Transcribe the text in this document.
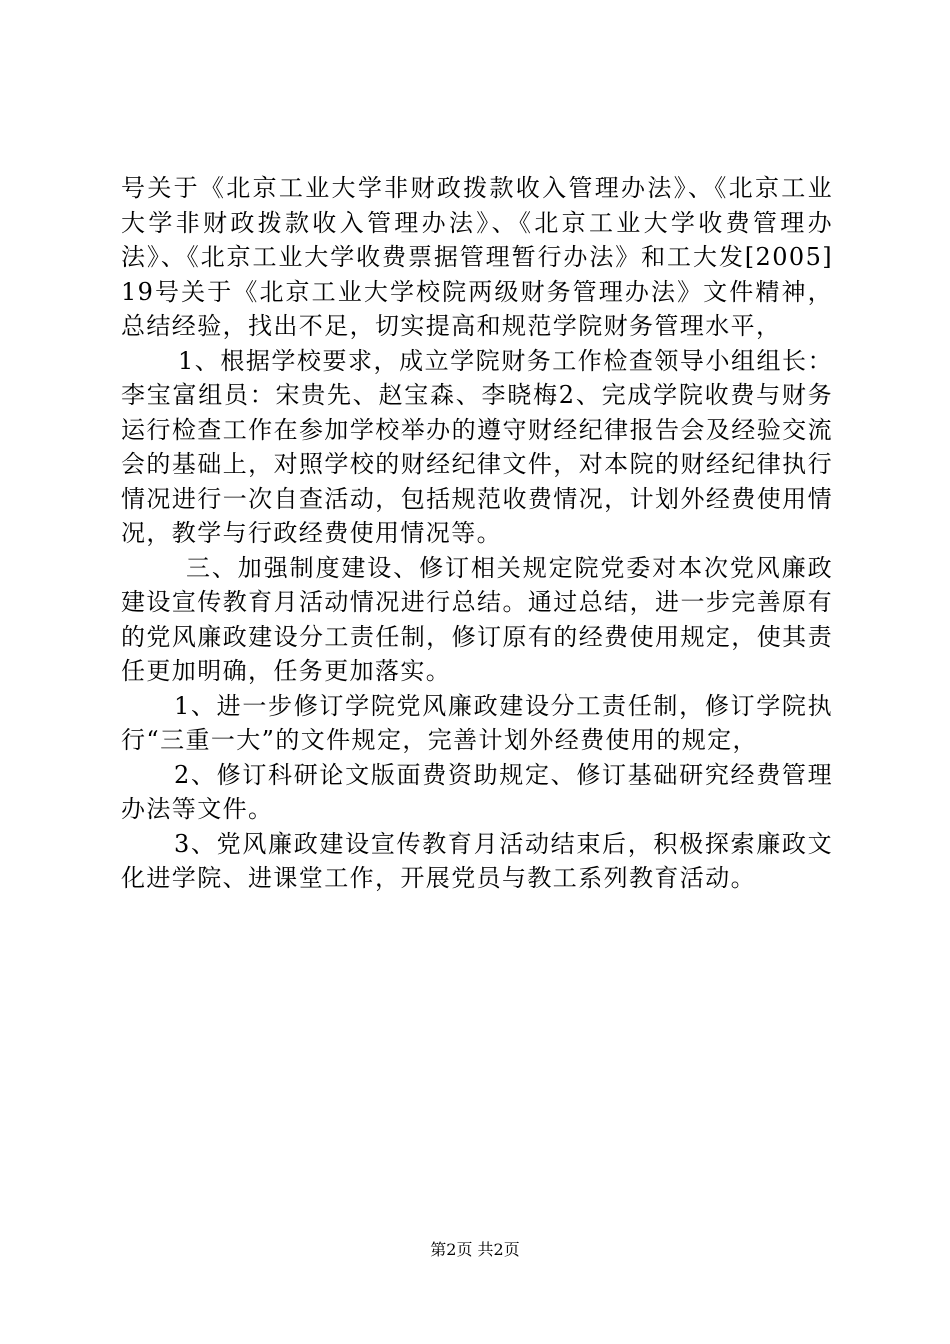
号关于《北京工业大学非财政拨款收入管理办法》、《北京工业大学非财政拨款收入管理办法》、《北京工业大学收费管理办法》、《北京工业大学收费票据管理暂行办法》和工大发[2005]19号关于《北京工业大学校院两级财务管理办法》文件精神，总结经验，找出不足，切实提高和规范学院财务管理水平，

1、根据学校要求，成立学院财务工作检查领导小组组长：李宝富组员：宋贵先、赵宝森、李晓梅2、完成学院收费与财务运行检查工作在参加学校举办的遵守财经纪律报告会及经验交流会的基础上，对照学校的财经纪律文件，对本院的财经纪律执行情况进行一次自查活动，包括规范收费情况，计划外经费使用情况，教学与行政经费使用情况等。

三、加强制度建设、修订相关规定院党委对本次党风廉政建设宣传教育月活动情况进行总结。通过总结，进一步完善原有的党风廉政建设分工责任制，修订原有的经费使用规定，使其责任更加明确，任务更加落实。

1、进一步修订学院党风廉政建设分工责任制，修订学院执行“三重一大”的文件规定，完善计划外经费使用的规定，

2、修订科研论文版面费资助规定、修订基础研究经费管理办法等文件。

3、党风廉政建设宣传教育月活动结束后，积极探索廉政文化进学院、进课堂工作，开展党员与教工系列教育活动。

第2页 共2页
